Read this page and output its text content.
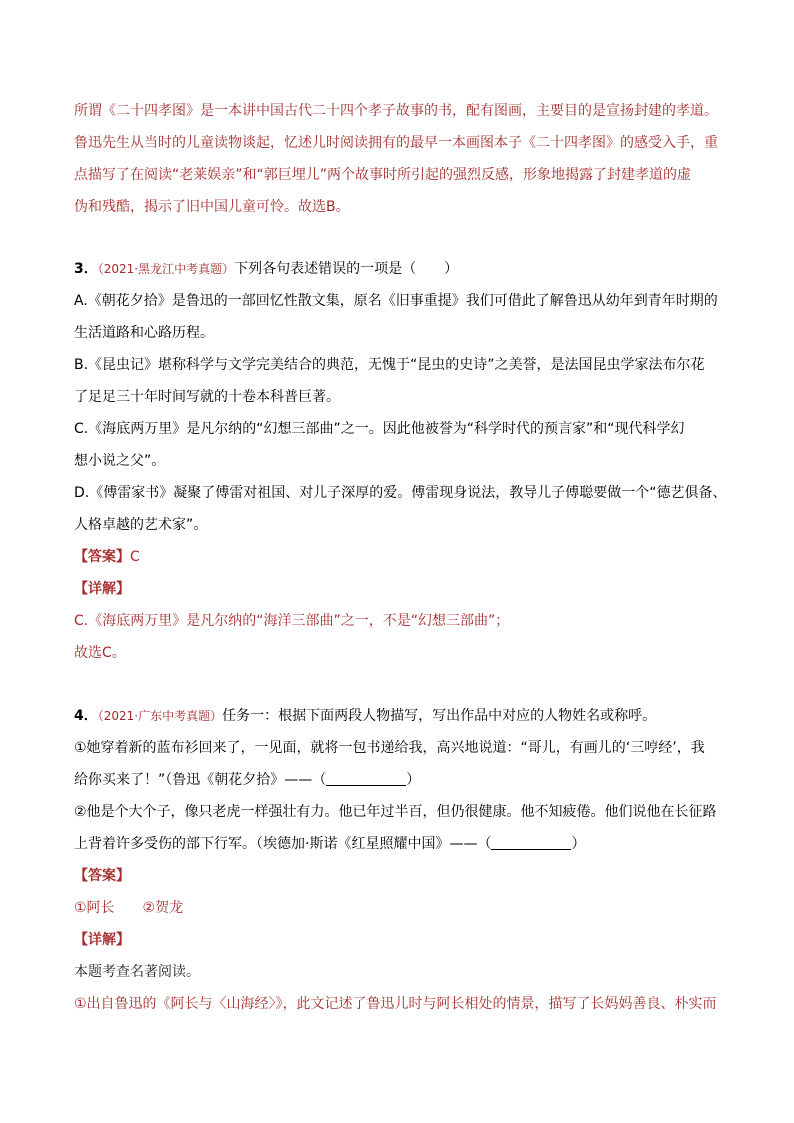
所谓《二十四孝图》是一本讲中国古代二十四个孝子故事的书，配有图画，主要目的是宣扬封建的孝道。
鲁迅先生从当时的儿童读物谈起，忆述儿时阅读拥有的最早一本画图本子《二十四孝图》的感受入手，重
点描写了在阅读“老莱娱亲”和“郭巨埋儿”两个故事时所引起的强烈反感，形象地揭露了封建孝道的虚
伪和残酷，揭示了旧中国儿童可怜。故选B。
3．（2021·黑龙江中考真题）下列各句表述错误的一项是（　　）
A.《朝花夕拾》是鲁迅的一部回忆性散文集，原名《旧事重提》我们可借此了解鲁迅从幼年到青年时期的
生活道路和心路历程。
B.《昆虫记》堪称科学与文学完美结合的典范，无愧于“昆虫的史诗”之美誉，是法国昆虫学家法布尔花
了足足三十年时间写就的十卷本科普巨著。
C.《海底两万里》是凡尔纳的“幻想三部曲”之一。因此他被誉为“科学时代的预言家”和“现代科学幻
想小说之父”。
D.《傅雷家书》凝聚了傅雷对祖国、对儿子深厚的爱。傅雷现身说法，教导儿子傅聪要做一个“德艺俱备、
人格卓越的艺术家”。
【答案】C
【详解】
C.《海底两万里》是凡尔纳的“海洋三部曲”之一，不是“幻想三部曲”；
故选C。
4．（2021·广东中考真题）任务一：根据下面两段人物描写，写出作品中对应的人物姓名或称呼。
①她穿着新的蓝布衫回来了，一见面，就将一包书递给我，高兴地说道：“哥儿，有画儿的‘三哼经’，我
给你买来了！”（鲁迅《朝花夕拾》——（	）
②他是个大个子，像只老虎一样强壮有力。他已年过半百，但仍很健康。他不知疲倦。他们说他在长征路
上背着许多受伤的部下行军。（埃德加·斯诺《红星照耀中国》——（	）
【答案】
①阿长　　②贺龙
【详解】
本题考查名著阅读。
①出自鲁迅的《阿长与〈山海经〉》，此文记述了鲁迅儿时与阿长相处的情景，描写了长妈妈善良、朴实而
